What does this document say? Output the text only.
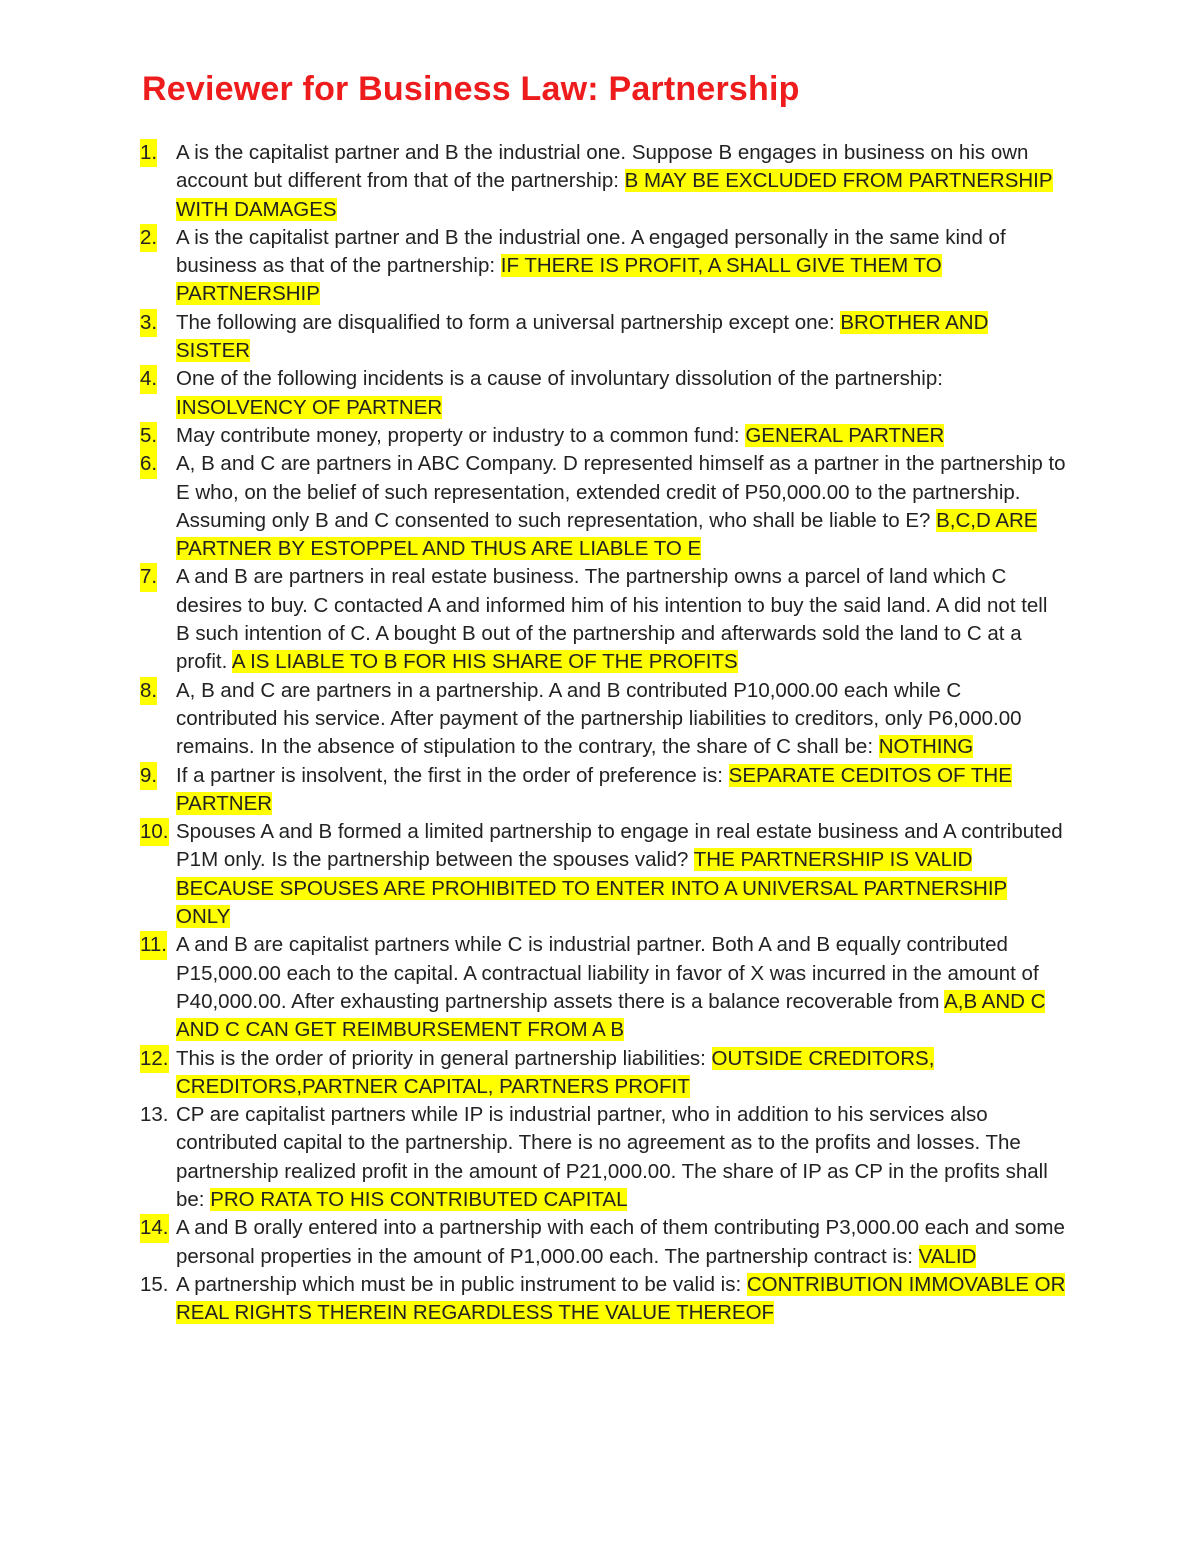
Reviewer for Business Law: Partnership
1. A is the capitalist partner and B the industrial one. Suppose B engages in business on his own account but different from that of the partnership: B MAY BE EXCLUDED FROM PARTNERSHIP WITH DAMAGES
2. A is the capitalist partner and B the industrial one. A engaged personally in the same kind of business as that of the partnership: IF THERE IS PROFIT, A SHALL GIVE THEM TO PARTNERSHIP
3. The following are disqualified to form a universal partnership except one: BROTHER AND SISTER
4. One of the following incidents is a cause of involuntary dissolution of the partnership: INSOLVENCY OF PARTNER
5. May contribute money, property or industry to a common fund: GENERAL PARTNER
6. A, B and C are partners in ABC Company. D represented himself as a partner in the partnership to E who, on the belief of such representation, extended credit of P50,000.00 to the partnership. Assuming only B and C consented to such representation, who shall be liable to E? B,C,D ARE PARTNER BY ESTOPPEL AND THUS ARE LIABLE TO E
7. A and B are partners in real estate business. The partnership owns a parcel of land which C desires to buy. C contacted A and informed him of his intention to buy the said land. A did not tell B such intention of C. A bought B out of the partnership and afterwards sold the land to C at a profit. A IS LIABLE TO B FOR HIS SHARE OF THE PROFITS
8. A, B and C are partners in a partnership. A and B contributed P10,000.00 each while C contributed his service. After payment of the partnership liabilities to creditors, only P6,000.00 remains. In the absence of stipulation to the contrary, the share of C shall be: NOTHING
9. If a partner is insolvent, the first in the order of preference is: SEPARATE CEDITOS OF THE PARTNER
10. Spouses A and B formed a limited partnership to engage in real estate business and A contributed P1M only. Is the partnership between the spouses valid? THE PARTNERSHIP IS VALID BECAUSE SPOUSES ARE PROHIBITED TO ENTER INTO A UNIVERSAL PARTNERSHIP ONLY
11. A and B are capitalist partners while C is industrial partner. Both A and B equally contributed P15,000.00 each to the capital. A contractual liability in favor of X was incurred in the amount of P40,000.00. After exhausting partnership assets there is a balance recoverable from A,B AND C AND C CAN GET REIMBURSEMENT FROM A B
12. This is the order of priority in general partnership liabilities: OUTSIDE CREDITORS, CREDITORS,PARTNER CAPITAL, PARTNERS PROFIT
13. CP are capitalist partners while IP is industrial partner, who in addition to his services also contributed capital to the partnership. There is no agreement as to the profits and losses. The partnership realized profit in the amount of P21,000.00. The share of IP as CP in the profits shall be: PRO RATA TO HIS CONTRIBUTED CAPITAL
14. A and B orally entered into a partnership with each of them contributing P3,000.00 each and some personal properties in the amount of P1,000.00 each. The partnership contract is: VALID
15. A partnership which must be in public instrument to be valid is: CONTRIBUTION IMMOVABLE OR REAL RIGHTS THEREIN REGARDLESS THE VALUE THEREOF
